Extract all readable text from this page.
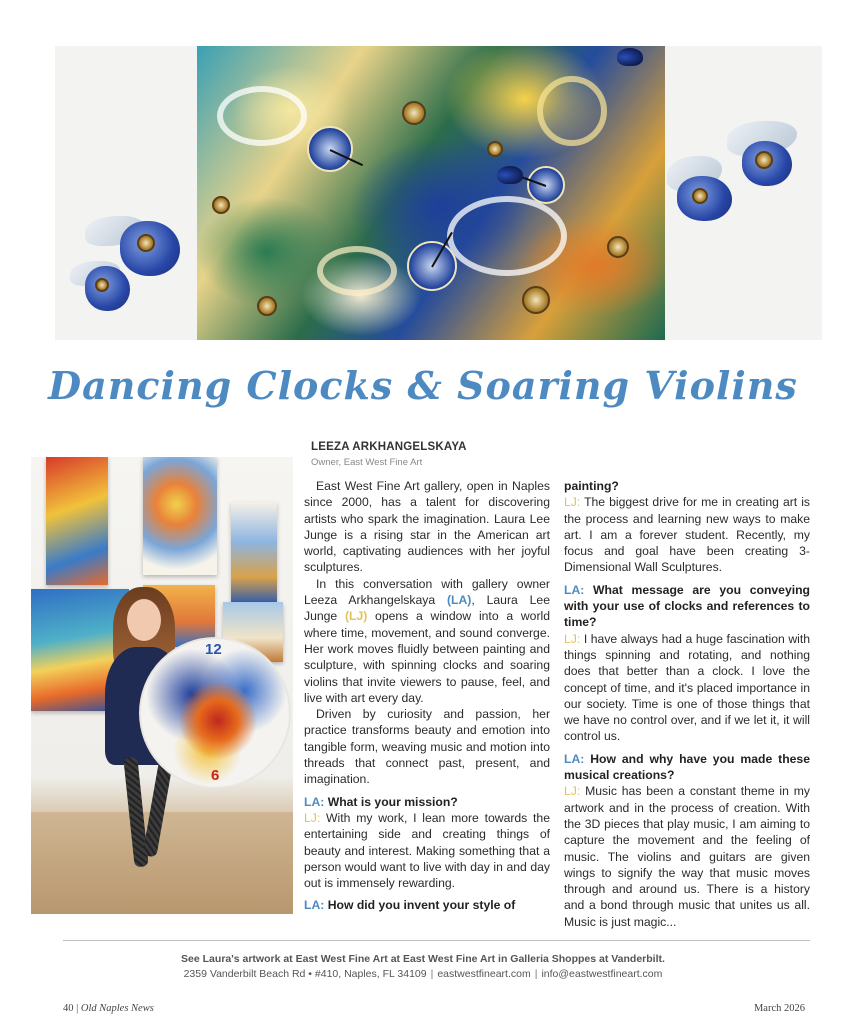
Dancing Clocks & Soaring Violins
12
6
LEEZA ARKHANGELSKAYA
Owner, East West Fine Art

East West Fine Art gallery, open in Naples since 2000, has a talent for discovering artists who spark the imagination. Laura Lee Junge is a rising star in the American art world, captivating audiences with her joyful sculptures.

In this conversation with gallery owner Leeza Arkhangelskaya (LA), Laura Lee Junge (LJ) opens a window into a world where time, movement, and sound converge. Her work moves fluidly between painting and sculpture, with spinning clocks and soaring violins that invite viewers to pause, feel, and live with art every day.

Driven by curiosity and passion, her practice transforms beauty and emotion into tangible form, weaving music and motion into threads that connect past, present, and imagination.

LA: What is your mission?

LJ: With my work, I lean more towards the entertaining side and creating things of beauty and interest. Making something that a person would want to live with day in and day out is immensely rewarding.

LA: How did you invent your style of

painting?

LJ: The biggest drive for me in creating art is the process and learning new ways to make art. I am a forever student. Recently, my focus and goal have been creating 3-Dimensional Wall Sculptures.

LA: What message are you conveying with your use of clocks and references to time?

LJ: I have always had a huge fascination with things spinning and rotating, and nothing does that better than a clock. I love the concept of time, and it's placed importance in our society. Time is one of those things that we have no control over, and if we let it, it will control us.

LA: How and why have you made these musical creations?

LJ: Music has been a constant theme in my artwork and in the process of creation. With the 3D pieces that play music, I am aiming to capture the movement and the feeling of music. The violins and guitars are given wings to signify the way that music moves through and around us. There is a history and a bond through music that unites us all. Music is just magic...

See Laura's artwork at East West Fine Art at East West Fine Art in Galleria Shoppes at Vanderbilt.
2359 Vanderbilt Beach Rd • #410, Naples, FL 34109 | eastwestfineart.com | info@eastwestfineart.com
40 | Old Naples News	March 2026
